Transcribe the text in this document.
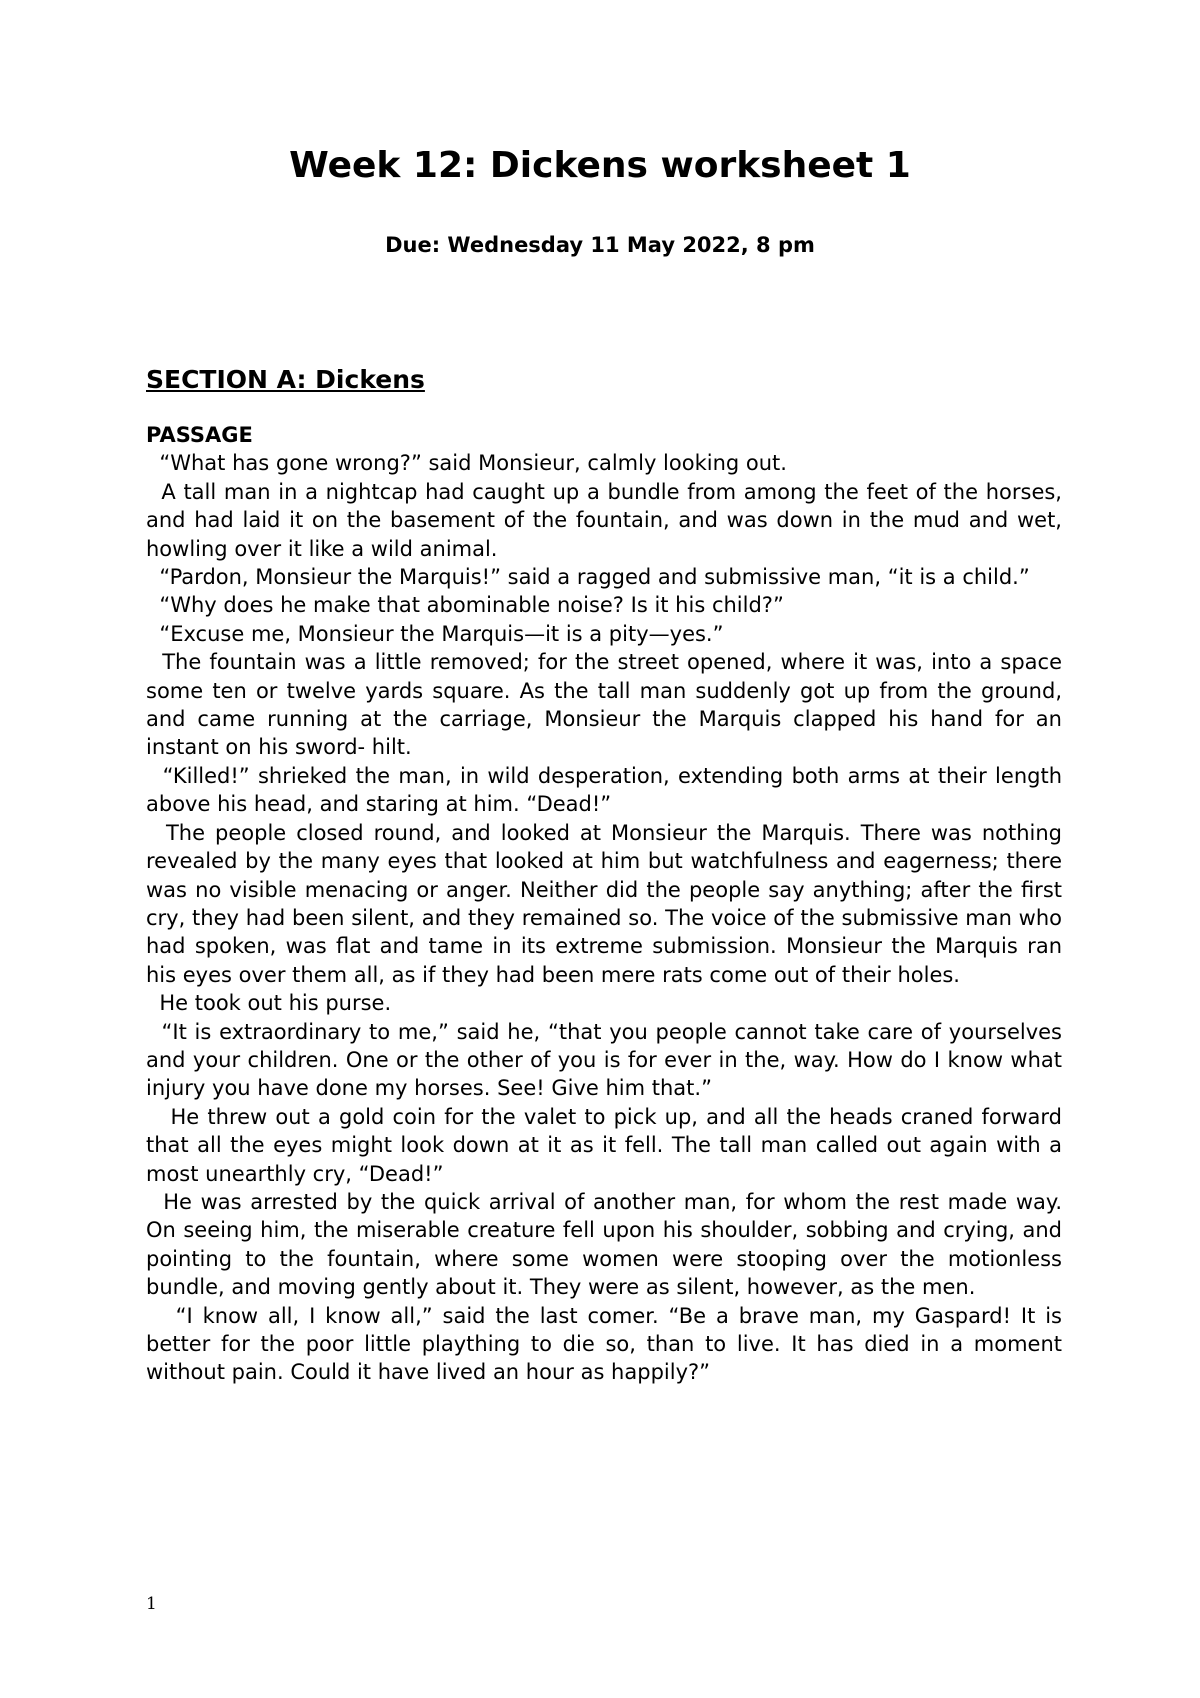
Week 12: Dickens worksheet 1

Due: Wednesday 11 May 2022, 8 pm

SECTION A: Dickens

PASSAGE

“What has gone wrong?” said Monsieur, calmly looking out.

A tall man in a nightcap had caught up a bundle from among the feet of the horses, and had laid it on the basement of the fountain, and was down in the mud and wet, howling over it like a wild animal.

“Pardon, Monsieur the Marquis!” said a ragged and submissive man, “it is a child.”

“Why does he make that abominable noise? Is it his child?”

“Excuse me, Monsieur the Marquis—it is a pity—yes.”

The fountain was a little removed; for the street opened, where it was, into a space some ten or twelve yards square. As the tall man suddenly got up from the ground, and came running at the carriage, Monsieur the Marquis clapped his hand for an instant on his sword- hilt.

“Killed!” shrieked the man, in wild desperation, extending both arms at their length above his head, and staring at him. “Dead!”

The people closed round, and looked at Monsieur the Marquis. There was nothing revealed by the many eyes that looked at him but watchfulness and eagerness; there was no visible menacing or anger. Neither did the people say anything; after the first cry, they had been silent, and they remained so. The voice of the submissive man who had spoken, was flat and tame in its extreme submission. Monsieur the Marquis ran his eyes over them all, as if they had been mere rats come out of their holes.

He took out his purse.

“It is extraordinary to me,” said he, “that you people cannot take care of yourselves and your children. One or the other of you is for ever in the, way. How do I know what injury you have done my horses. See! Give him that.”

He threw out a gold coin for the valet to pick up, and all the heads craned forward that all the eyes might look down at it as it fell. The tall man called out again with a most unearthly cry, “Dead!”

He was arrested by the quick arrival of another man, for whom the rest made way. On seeing him, the miserable creature fell upon his shoulder, sobbing and crying, and pointing to the fountain, where some women were stooping over the motionless bundle, and moving gently about it. They were as silent, however, as the men.

“I know all, I know all,” said the last comer. “Be a brave man, my Gaspard! It is better for the poor little plaything to die so, than to live. It has died in a moment without pain. Could it have lived an hour as happily?”

1
